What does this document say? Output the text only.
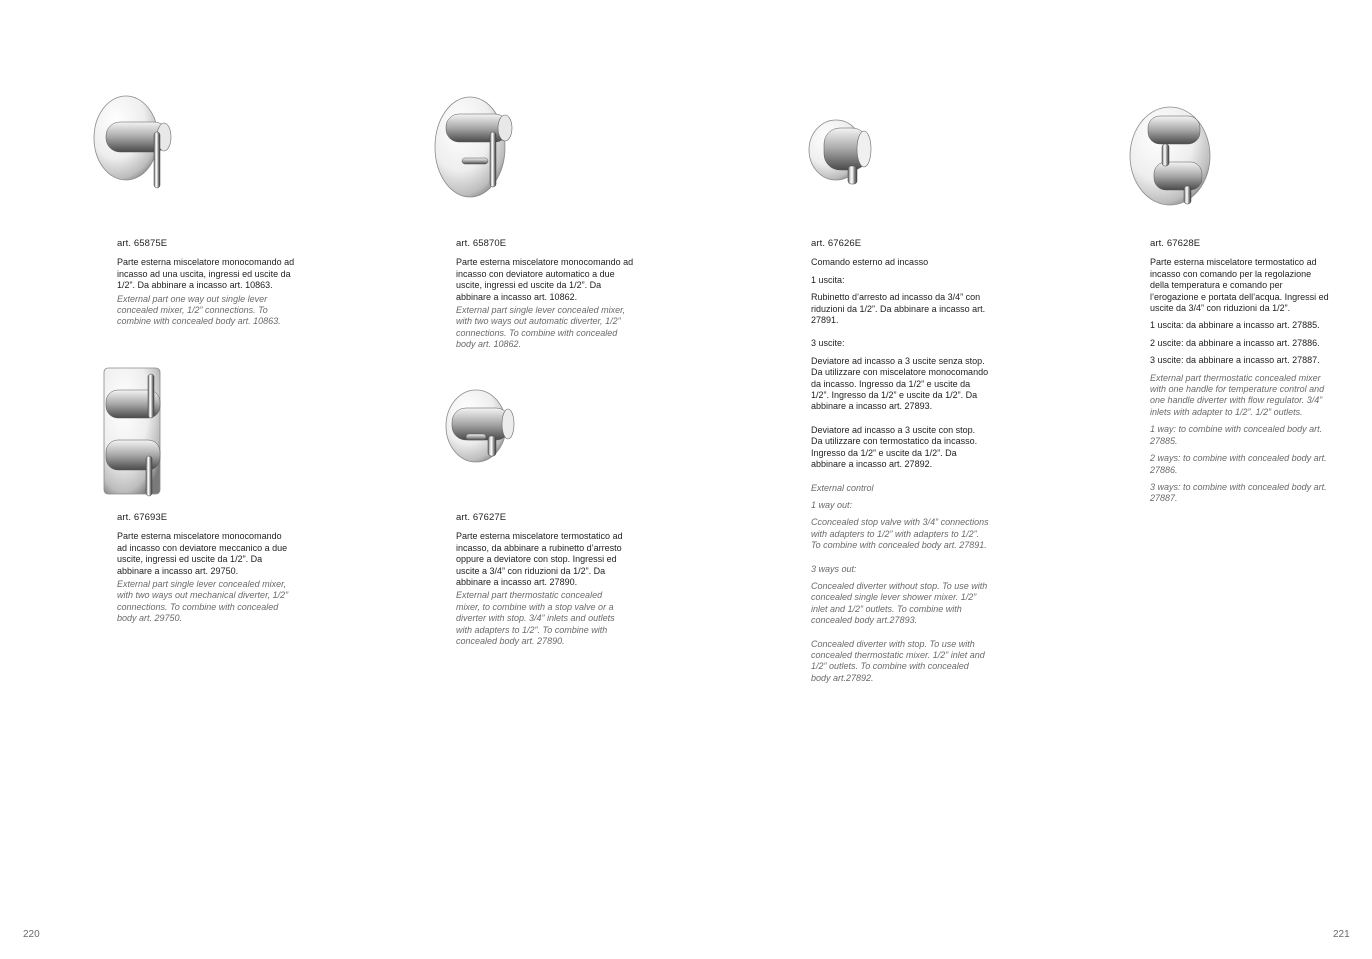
art. 65875E

Parte esterna miscelatore monocomando ad incasso ad una uscita, ingressi ed uscite da 1/2”. Da abbinare a incasso art. 10863.

External part one way out single lever concealed mixer, 1/2” connections. To combine with concealed body art. 10863.

art. 65870E

Parte esterna miscelatore monocomando ad incasso con deviatore automatico a due uscite, ingressi ed uscite da 1/2”. Da abbinare a incasso art. 10862.

External part single lever concealed mixer, with two ways out automatic diverter, 1/2” connections. To combine with concealed body art. 10862.

art. 67693E

Parte esterna miscelatore monocomando ad incasso con deviatore meccanico a due uscite, ingressi ed uscite da 1/2”. Da abbinare a incasso art. 29750.

External part single lever concealed mixer, with two ways out mechanical diverter, 1/2” connections. To combine with concealed body art. 29750.

art. 67627E

Parte esterna miscelatore termostatico ad incasso, da abbinare a rubinetto d’arresto oppure a deviatore con stop. Ingressi ed uscite a 3/4” con riduzioni da 1/2”. Da abbinare a incasso art. 27890.

External part thermostatic concealed mixer, to combine with a stop valve or a diverter with stop. 3/4” inlets and outlets with adapters to 1/2”. To combine with concealed body art. 27890.

art. 67626E

Comando esterno ad incasso

1 uscita:

Rubinetto d’arresto ad incasso da 3/4” con riduzioni da 1/2”. Da abbinare a incasso art. 27891.

3 uscite:

Deviatore ad incasso a 3 uscite senza stop. Da utilizzare con miscelatore monocomando da incasso. Ingresso da 1/2” e uscite da 1/2”. Ingresso da 1/2” e uscite da 1/2”. Da abbinare a incasso art. 27893.

Deviatore ad incasso a 3 uscite con stop. Da utilizzare con termostatico da incasso. Ingresso da 1/2” e uscite da 1/2”. Da abbinare a incasso art. 27892.

External control

1 way out:

Cconcealed stop valve with 3/4” connections with adapters to 1/2” with adapters to 1/2”. To combine with concealed body art. 27891.

3 ways out:

Concealed diverter without stop. To use with concealed single lever shower mixer. 1/2” inlet and 1/2” outlets. To combine with concealed body art.27893.

Concealed diverter with stop. To use with concealed thermostatic mixer. 1/2” inlet and 1/2” outlets. To combine with concealed body art.27892.

art. 67628E

Parte esterna miscelatore termostatico ad incasso con comando per la regolazione della temperatura e comando per l’erogazione e portata dell’acqua. Ingressi ed uscite da 3/4” con riduzioni da 1/2”.

1 uscita: da abbinare a incasso art. 27885.

2 uscite: da abbinare a incasso art. 27886.

3 uscite: da abbinare a incasso art. 27887.

External part thermostatic concealed mixer with one handle for temperature control and one handle diverter with flow regulator. 3/4” inlets with adapter to 1/2”. 1/2” outlets.

1 way: to combine with concealed body art. 27885.

2 ways: to combine with concealed body art. 27886.

3 ways: to combine with concealed body art. 27887.

220	221
